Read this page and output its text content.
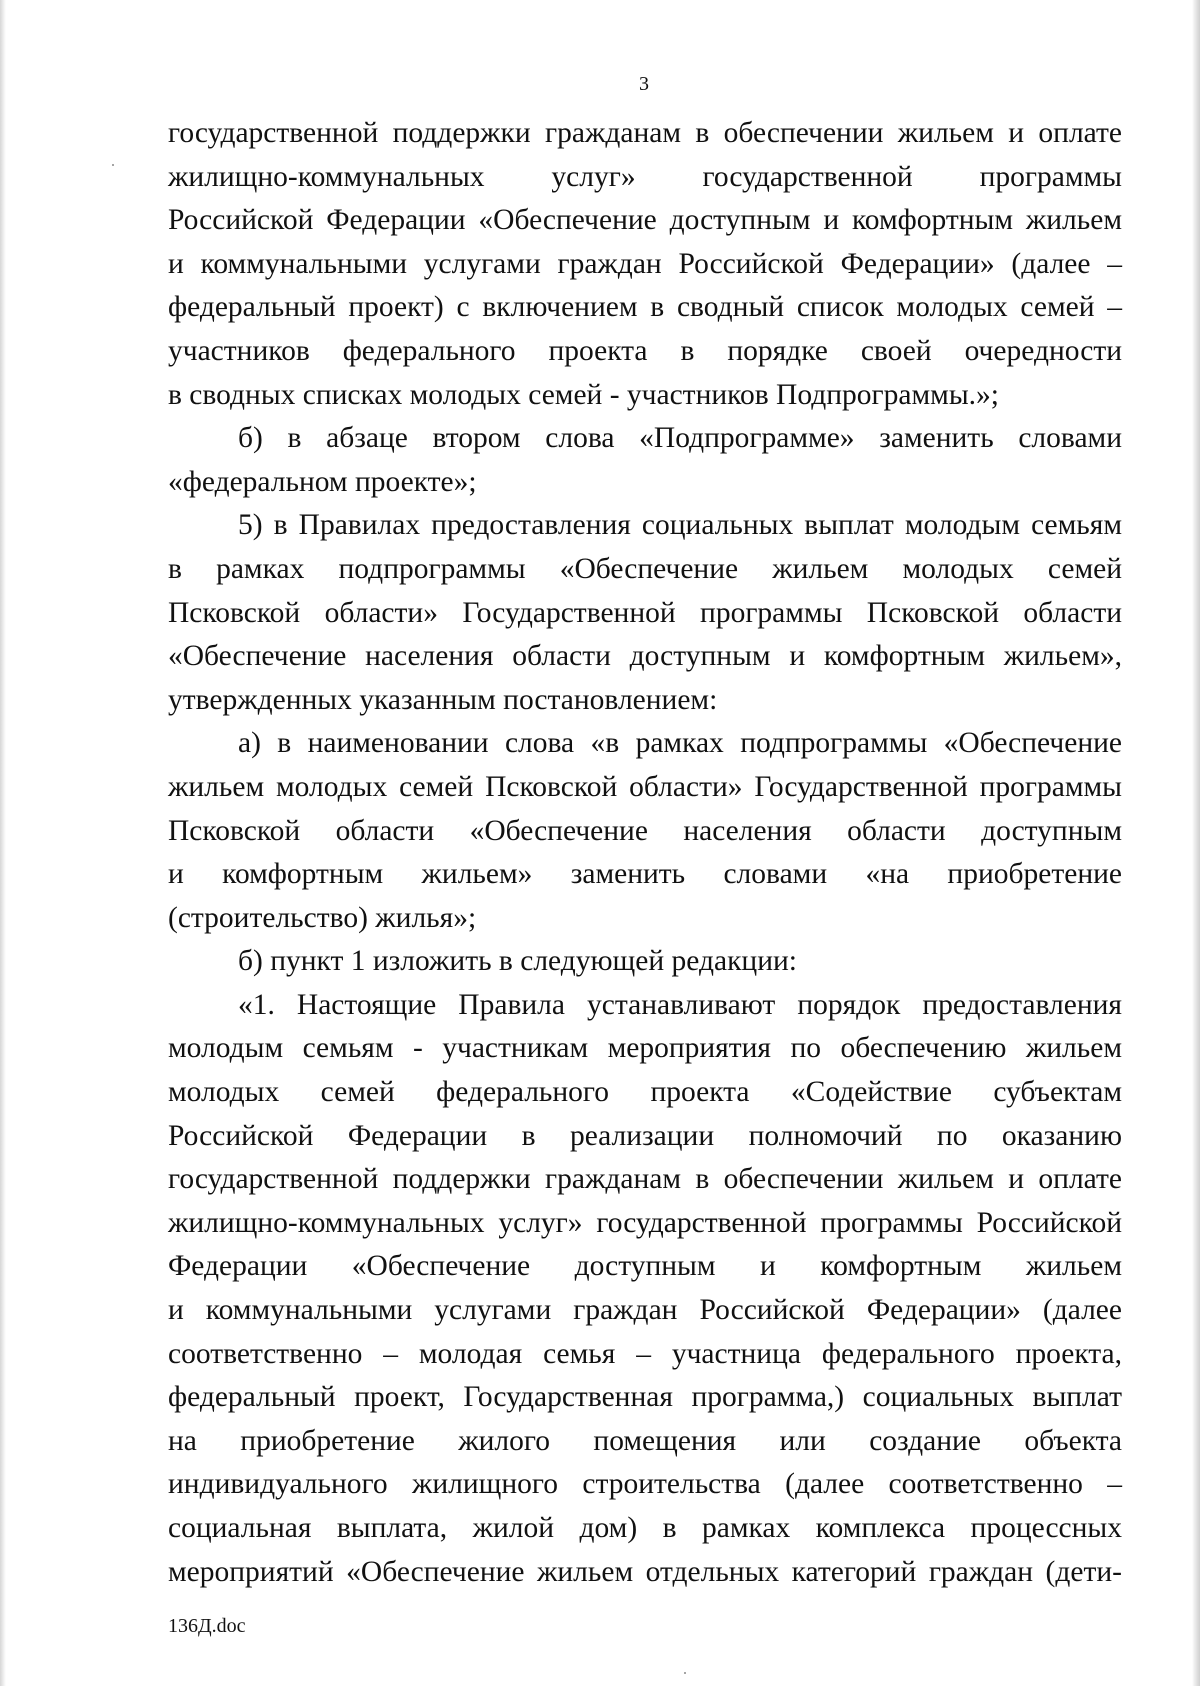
3
государственной поддержки гражданам в обеспечении жильем и оплате
жилищно-коммунальных услуг» государственной программы
Российской Федерации «Обеспечение доступным и комфортным жильем
и коммунальными услугами граждан Российской Федерации» (далее –
федеральный проект) с включением в сводный список молодых семей –
участников федерального проекта в порядке своей очередности
в сводных списках молодых семей - участников Подпрограммы.»;
б) в абзаце втором слова «Подпрограмме» заменить словами
«федеральном проекте»;
5) в Правилах предоставления социальных выплат молодым семьям
в рамках подпрограммы «Обеспечение жильем молодых семей
Псковской области» Государственной программы Псковской области
«Обеспечение населения области доступным и комфортным жильем»,
утвержденных указанным постановлением:
а) в наименовании слова «в рамках подпрограммы «Обеспечение
жильем молодых семей Псковской области» Государственной программы
Псковской области «Обеспечение населения области доступным
и комфортным жильем» заменить словами «на приобретение
(строительство) жилья»;
б) пункт 1 изложить в следующей редакции:
«1. Настоящие Правила устанавливают порядок предоставления
молодым семьям - участникам мероприятия по обеспечению жильем
молодых семей федерального проекта «Содействие субъектам
Российской Федерации в реализации полномочий по оказанию
государственной поддержки гражданам в обеспечении жильем и оплате
жилищно-коммунальных услуг» государственной программы Российской
Федерации «Обеспечение доступным и комфортным жильем
и коммунальными услугами граждан Российской Федерации» (далее
соответственно – молодая семья – участница федерального проекта,
федеральный проект, Государственная программа,) социальных выплат
на приобретение жилого помещения или создание объекта
индивидуального жилищного строительства (далее соответственно –
социальная выплата, жилой дом) в рамках комплекса процессных
мероприятий «Обеспечение жильем отдельных категорий граждан (дети-
136Д.doc
